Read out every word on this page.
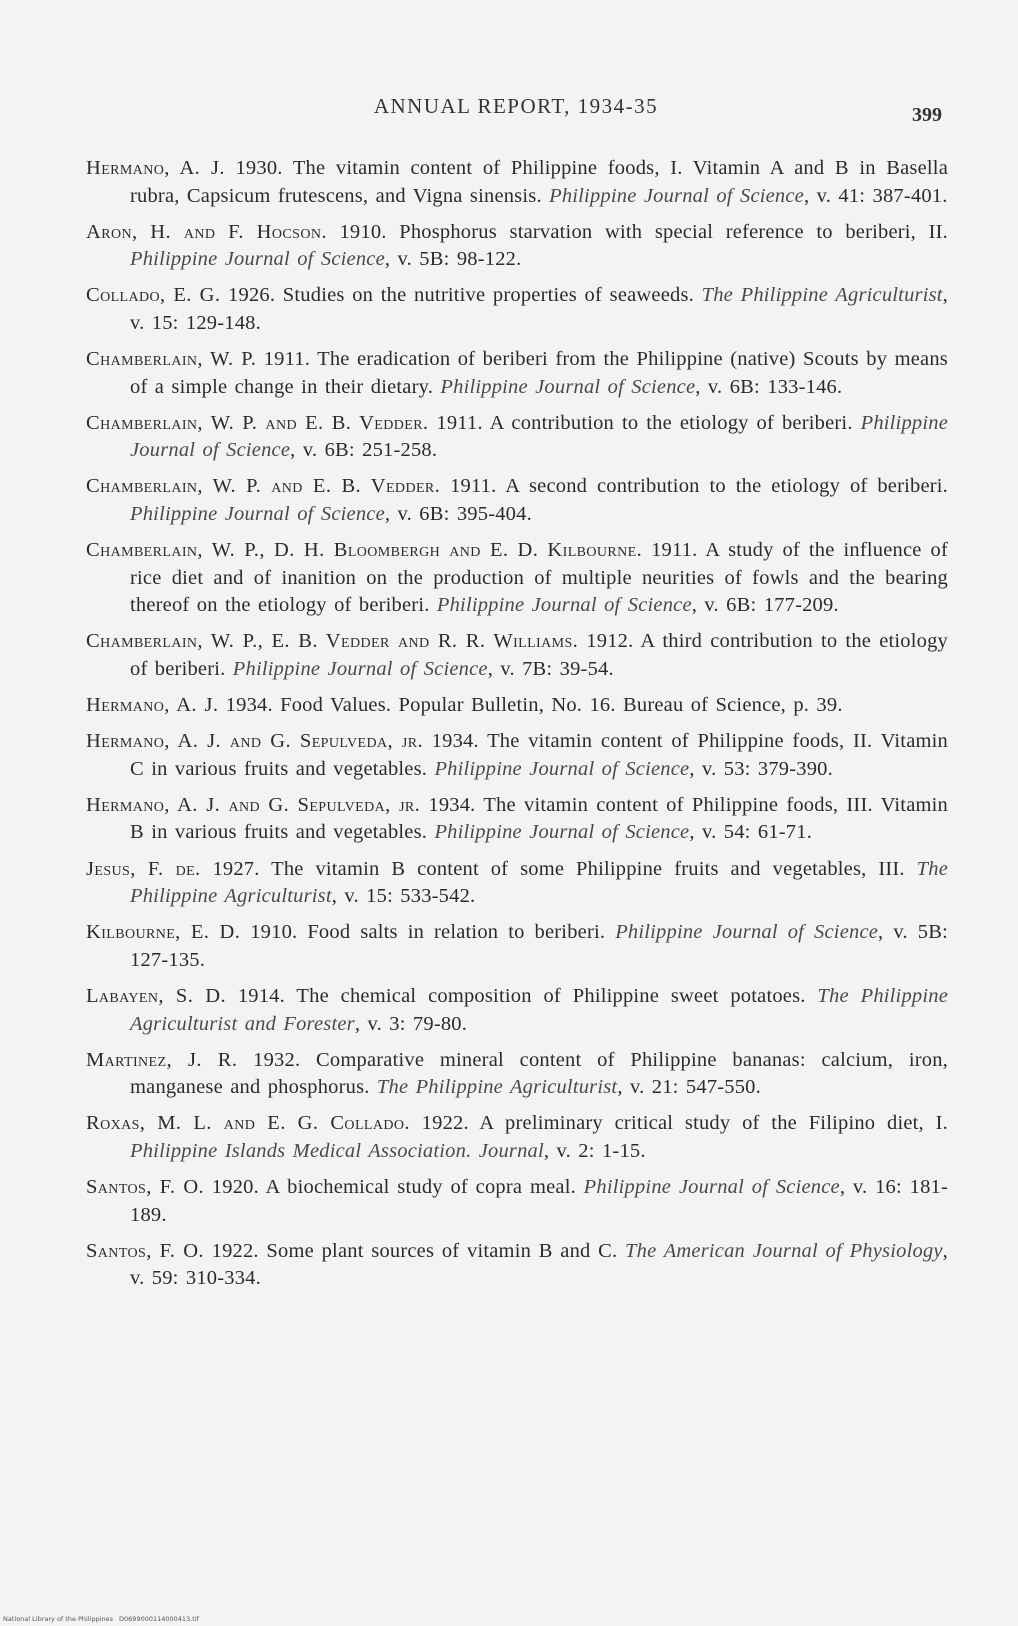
ANNUAL REPORT, 1934-35	399
Hermano, A. J. 1930. The vitamin content of Philippine foods, I. Vitamin A and B in Basella rubra, Capsicum frutescens, and Vigna sinensis. Philippine Journal of Science, v. 41: 387-401.
Aron, H. and F. Hocson. 1910. Phosphorus starvation with special reference to beriberi, II. Philippine Journal of Science, v. 5B: 98-122.
Collado, E. G. 1926. Studies on the nutritive properties of seaweeds. The Philippine Agriculturist, v. 15: 129-148.
Chamberlain, W. P. 1911. The eradication of beriberi from the Philippine (native) Scouts by means of a simple change in their dietary. Philippine Journal of Science, v. 6B: 133-146.
Chamberlain, W. P. and E. B. Vedder. 1911. A contribution to the etiology of beriberi. Philippine Journal of Science, v. 6B: 251-258.
Chamberlain, W. P. and E. B. Vedder. 1911. A second contribution to the etiology of beriberi. Philippine Journal of Science, v. 6B: 395-404.
Chamberlain, W. P., D. H. Bloombergh and E. D. Kilbourne. 1911. A study of the influence of rice diet and of inanition on the production of multiple neurities of fowls and the bearing thereof on the etiology of beriberi. Philippine Journal of Science, v. 6B: 177-209.
Chamberlain, W. P., E. B. Vedder and R. R. Williams. 1912. A third contribution to the etiology of beriberi. Philippine Journal of Science, v. 7B: 39-54.
Hermano, A. J. 1934. Food Values. Popular Bulletin, No. 16. Bureau of Science, p. 39.
Hermano, A. J. and G. Sepulveda, jr. 1934. The vitamin content of Philippine foods, II. Vitamin C in various fruits and vegetables. Philippine Journal of Science, v. 53: 379-390.
Hermano, A. J. and G. Sepulveda, jr. 1934. The vitamin content of Philippine foods, III. Vitamin B in various fruits and vegetables. Philippine Journal of Science, v. 54: 61-71.
Jesus, F. de. 1927. The vitamin B content of some Philippine fruits and vegetables, III. The Philippine Agriculturist, v. 15: 533-542.
Kilbourne, E. D. 1910. Food salts in relation to beriberi. Philippine Journal of Science, v. 5B: 127-135.
Labayen, S. D. 1914. The chemical composition of Philippine sweet potatoes. The Philippine Agriculturist and Forester, v. 3: 79-80.
Martinez, J. R. 1932. Comparative mineral content of Philippine bananas: calcium, iron, manganese and phosphorus. The Philippine Agriculturist, v. 21: 547-550.
Roxas, M. L. and E. G. Collado. 1922. A preliminary critical study of the Filipino diet, I. Philippine Islands Medical Association. Journal, v. 2: 1-15.
Santos, F. O. 1920. A biochemical study of copra meal. Philippine Journal of Science, v. 16: 181-189.
Santos, F. O. 1922. Some plant sources of vitamin B and C. The American Journal of Physiology, v. 59: 310-334.
National Library of the Philippines D0699000114000413.tif
